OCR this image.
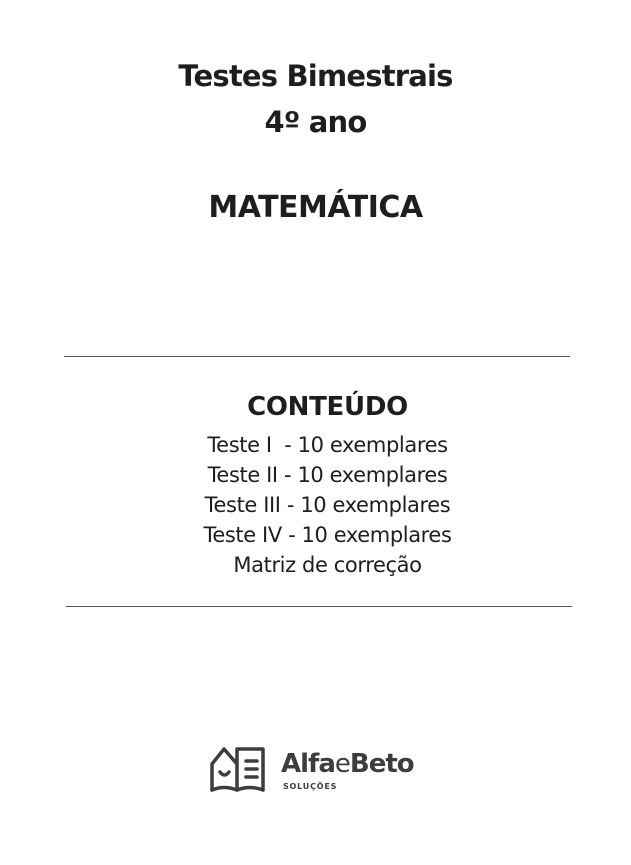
Testes Bimestrais
4º ano
MATEMÁTICA
CONTEÚDO
Teste I  - 10 exemplares
Teste II - 10 exemplares
Teste III - 10 exemplares
Teste IV - 10 exemplares
Matriz de correção
AlfaeBeto
SOLUÇÕES
